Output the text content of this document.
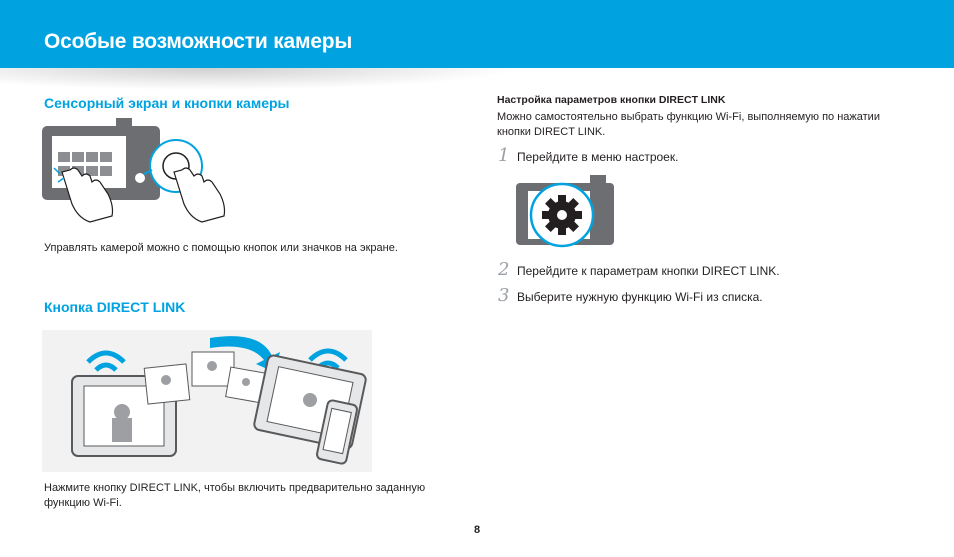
Особые возможности камеры
Сенсорный экран и кнопки камеры
Управлять камерой можно с помощью кнопок или значков на экране.
Кнопка DIRECT LINK
Нажмите кнопку DIRECT LINK, чтобы включить предварительно заданную
функцию Wi-Fi.
Настройка параметров кнопки DIRECT LINK
Можно самостоятельно выбрать функцию Wi-Fi, выполняемую по нажатии
кнопки DIRECT LINK.
1 Перейдите в меню настроек.
2 Перейдите к параметрам кнопки DIRECT LINK.
3 Выберите нужную функцию Wi-Fi из списка.
8
